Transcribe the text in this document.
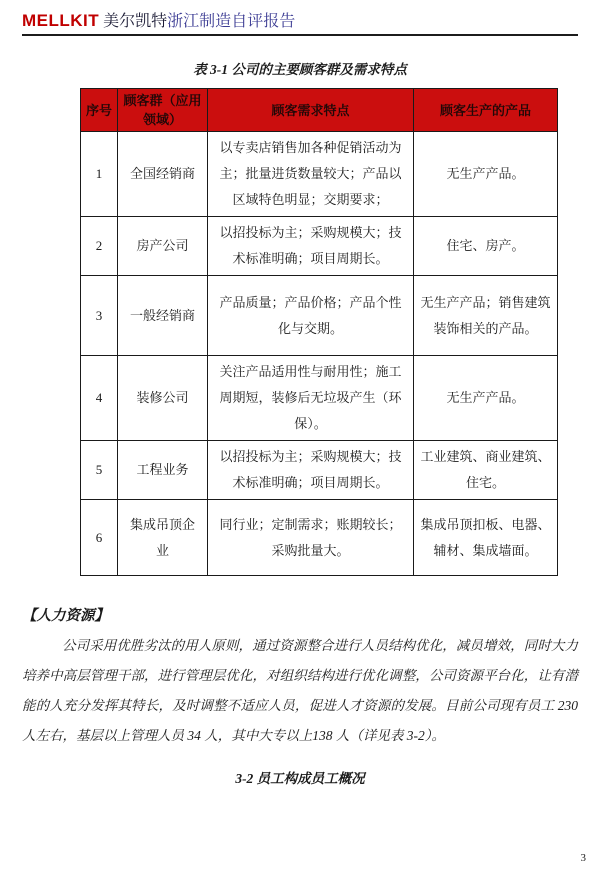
MELLKIT 美尔凯特浙江制造自评报告
表 3-1 公司的主要顾客群及需求特点
序号	顾客群（应用领域）	顾客需求特点	顾客生产的产品
1	全国经销商	以专卖店销售加各种促销活动为主；批量进货数量较大；产品以区域特色明显；交期要求；	无生产产品。
2	房产公司	以招投标为主；采购规模大；技术标准明确；项目周期长。	住宅、房产。
3	一般经销商	产品质量；产品价格；产品个性化与交期。	无生产产品；销售建筑装饰相关的产品。
4	装修公司	关注产品适用性与耐用性；施工周期短，装修后无垃圾产生（环保）。	无生产产品。
5	工程业务	以招投标为主；采购规模大；技术标准明确；项目周期长。	工业建筑、商业建筑、住宅。
6	集成吊顶企业	同行业；定制需求；账期较长；采购批量大。	集成吊顶扣板、电器、辅材、集成墙面。
【人力资源】

公司采用优胜劣汰的用人原则，通过资源整合进行人员结构优化，减员增效，同时大力培养中高层管理干部，进行管理层优化，对组织结构进行优化调整，公司资源平台化，让有潜能的人充分发挥其特长，及时调整不适应人员，促进人才资源的发展。目前公司现有员工 230 人左右，基层以上管理人员 34 人，其中大专以上138 人（详见表 3-2）。

3-2 员工构成员工概况
3
